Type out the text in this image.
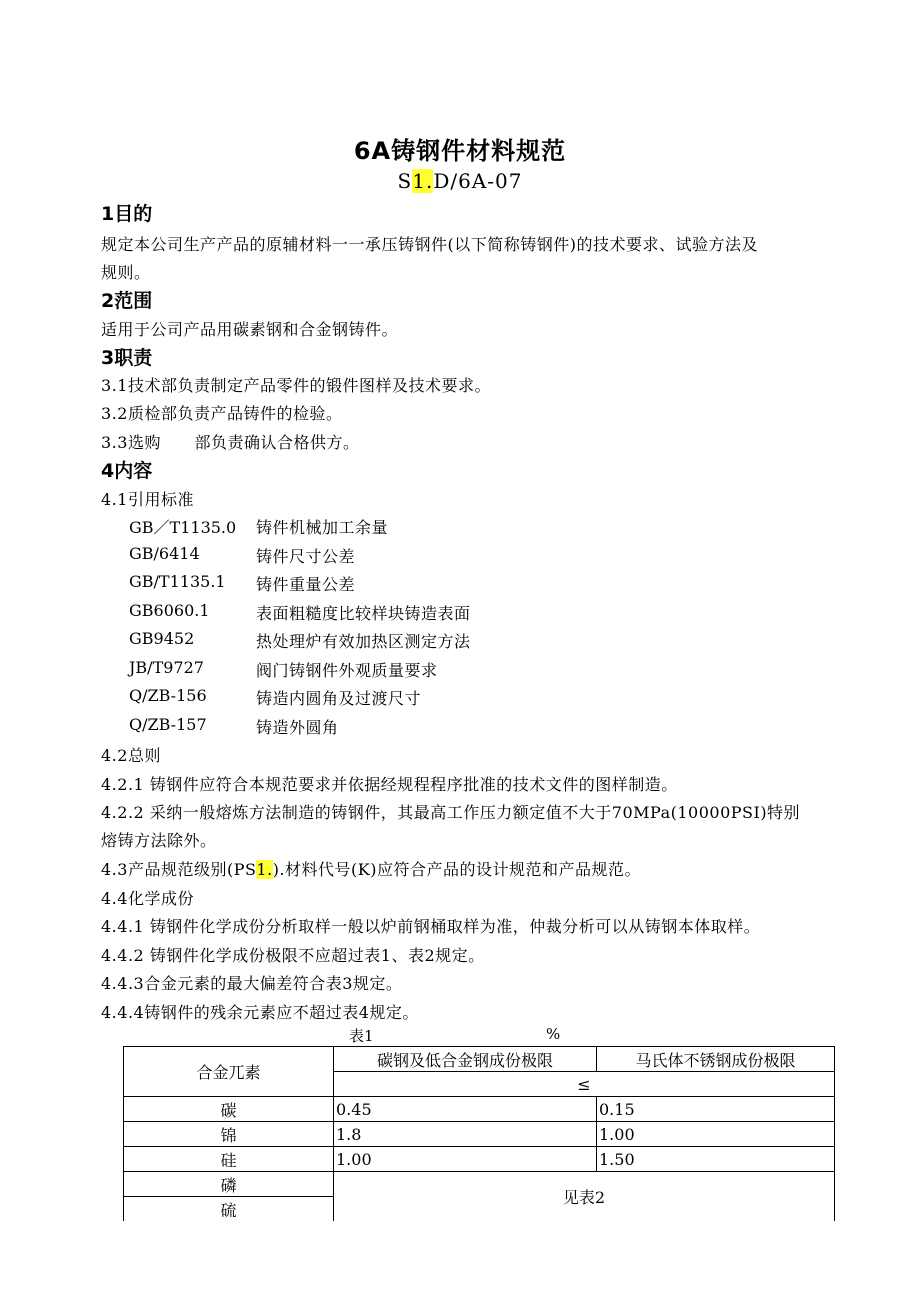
6A铸钢件材料规范
S1.D/6A-07
1目的
规定本公司生产产品的原辅材料一一承压铸钢件(以下简称铸钢件)的技术要求、试验方法及
规则。
2范围
适用于公司产品用碳素钢和合金钢铸件。
3职责
3.1技术部负责制定产品零件的锻件图样及技术要求。
3.2质检部负责产品铸件的检验。
3.3选购      部负责确认合格供方。
4内容
4.1引用标准
GB／T1135.0 铸件机械加工余量
GB/6414	铸件尺寸公差
GB/T1135.1 铸件重量公差
GB6060.1	表面粗糙度比较样块铸造表面
GB9452	热处理炉有效加热区测定方法
JB/T9727	阀门铸钢件外观质量要求
Q/ZB-156	铸造内圆角及过渡尺寸
Q/ZB-157	铸造外圆角
4.2总则
4.2.1 铸钢件应符合本规范要求并依据经规程程序批准的技术文件的图样制造。
4.2.2 采纳一般熔炼方法制造的铸钢件，其最高工作压力额定值不大于70MPa(10000PSI)特别
熔铸方法除外。
4.3产品规范级别(PS1.).材料代号(K)应符合产品的设计规范和产品规范。
4.4化学成份
4.4.1 铸钢件化学成份分析取样一般以炉前钢桶取样为准，仲裁分析可以从铸钢本体取样。
4.4.2 铸钢件化学成份极限不应超过表1、表2规定。
4.4.3合金元素的最大偏差符合表3规定。
4.4.4铸钢件的残余元素应不超过表4规定。
表1	%
合金兀素	碳钢及低合金钢成份极限	马氏体不锈钢成份极限
	≤	
碳	0.45	0.15
锦	1.8	1.00
硅	1.00	1.50
磷	见表2	
硫		
